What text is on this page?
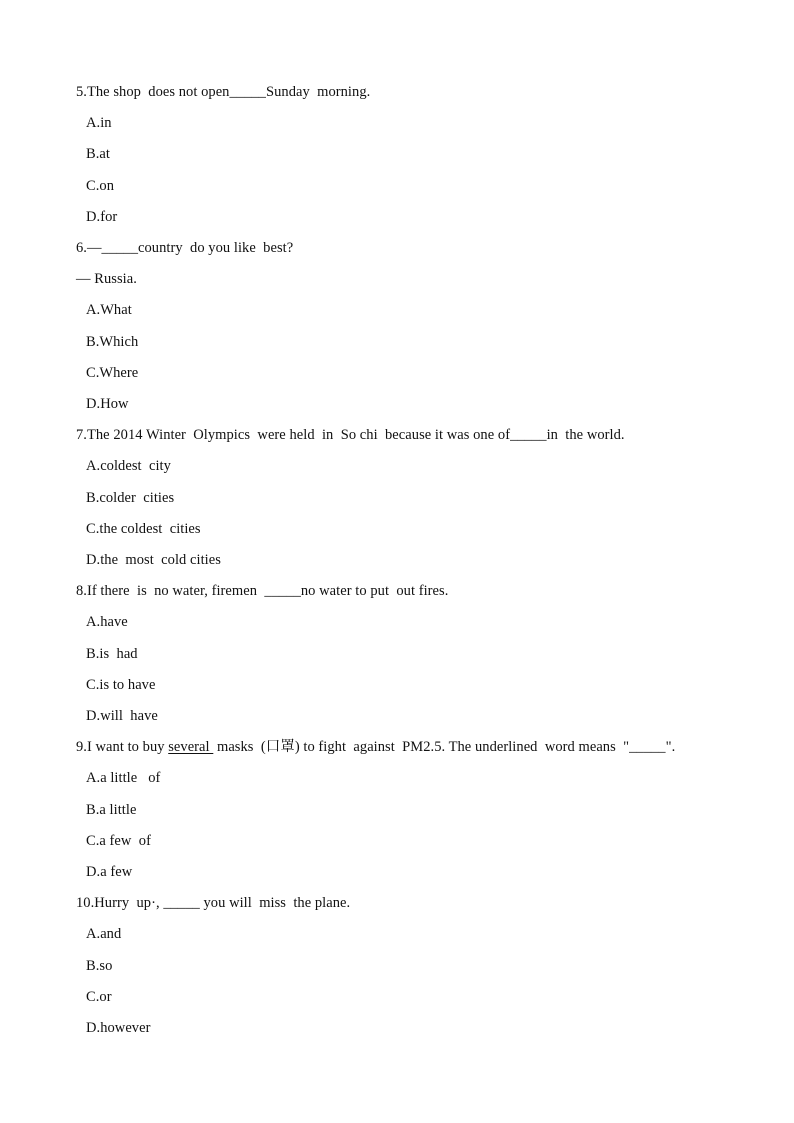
5.The shop  does not open_____Sunday  morning.
A.in
B.at
C.on
D.for
6.—_____country  do you like  best?
— Russia.
A.What
B.Which
C.Where
D.How
7.The 2014 Winter  Olympics  were held  in  So chi  because it was one of_____in  the world.
A.coldest  city
B.colder  cities
C.the coldest  cities
D.the  most  cold cities
8.If there  is  no water, firemen  _____no water to put  out fires.
A.have
B.is  had
C.is to have
D.will  have
9.I want to buy several  masks  (口罩) to fight  against  PM2.5. The underlined  word means  "_____".
A.a little   of
B.a little
C.a few  of
D.a few
10.Hurry  up·, _____ you will  miss  the plane.
A.and
B.so
C.or
D.however
